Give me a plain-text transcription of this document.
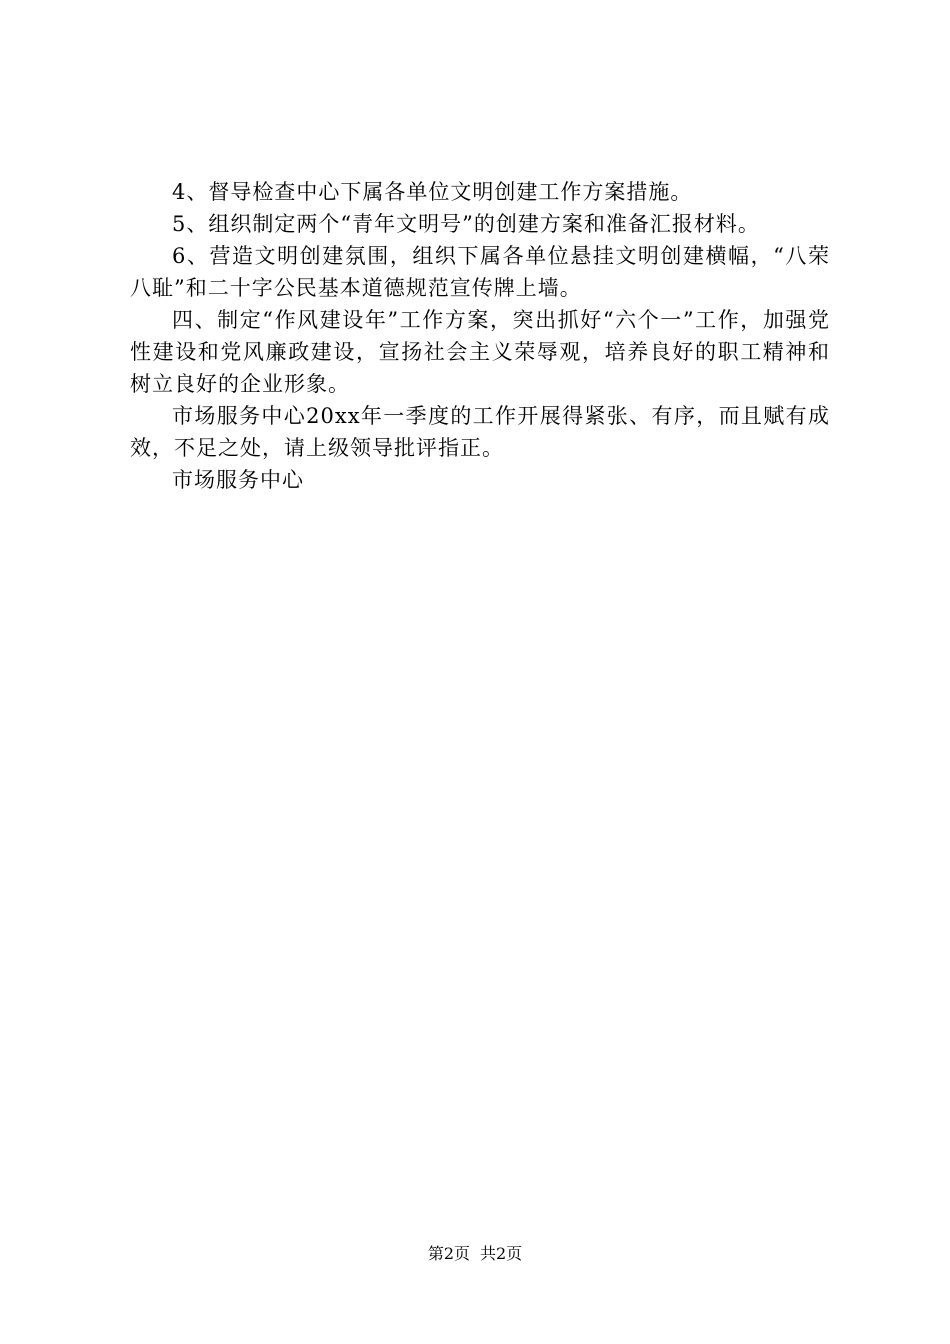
4、督导检查中心下属各单位文明创建工作方案措施。

5、组织制定两个“青年文明号”的创建方案和准备汇报材料。

6、营造文明创建氛围，组织下属各单位悬挂文明创建横幅，“八荣八耻”和二十字公民基本道德规范宣传牌上墙。

四、制定“作风建设年”工作方案，突出抓好“六个一”工作，加强党性建设和党风廉政建设，宣扬社会主义荣辱观，培养良好的职工精神和树立良好的企业形象。

市场服务中心20xx年一季度的工作开展得紧张、有序，而且赋有成效，不足之处，请上级领导批评指正。

市场服务中心

第2页 共2页
